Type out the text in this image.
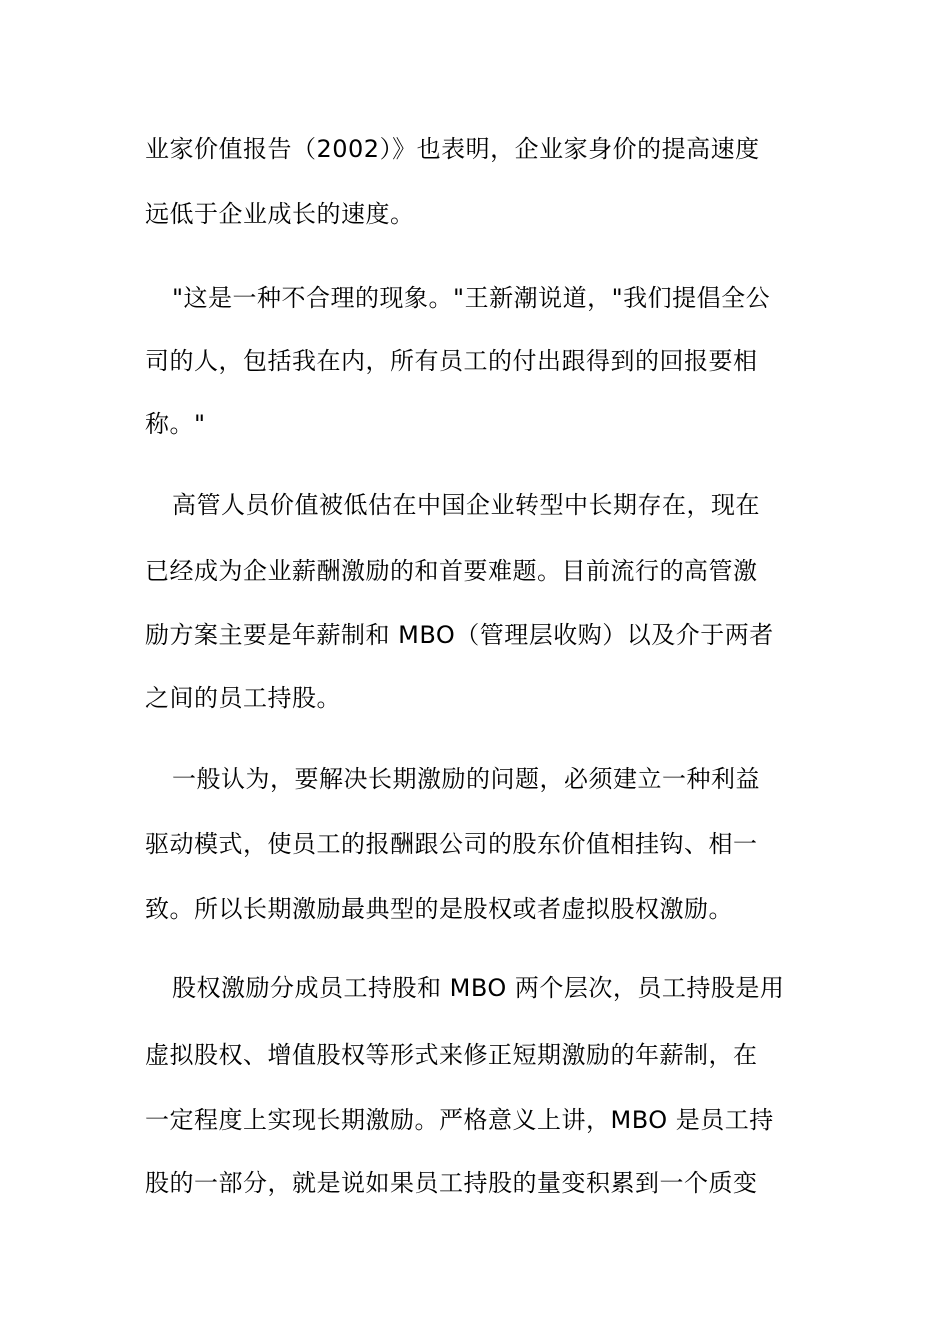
业家价值报告（2002）》也表明，企业家身价的提高速度
远低于企业成长的速度。
"这是一种不合理的现象。"王新潮说道，"我们提倡全公
司的人，包括我在内，所有员工的付出跟得到的回报要相
称。"
高管人员价值被低估在中国企业转型中长期存在，现在
已经成为企业薪酬激励的和首要难题。目前流行的高管激
励方案主要是年薪制和 MBO（管理层收购）以及介于两者
之间的员工持股。
一般认为，要解决长期激励的问题，必须建立一种利益
驱动模式，使员工的报酬跟公司的股东价值相挂钩、相一
致。所以长期激励最典型的是股权或者虚拟股权激励。
股权激励分成员工持股和 MBO 两个层次，员工持股是用
虚拟股权、增值股权等形式来修正短期激励的年薪制，在
一定程度上实现长期激励。严格意义上讲，MBO 是员工持
股的一部分，就是说如果员工持股的量变积累到一个质变
